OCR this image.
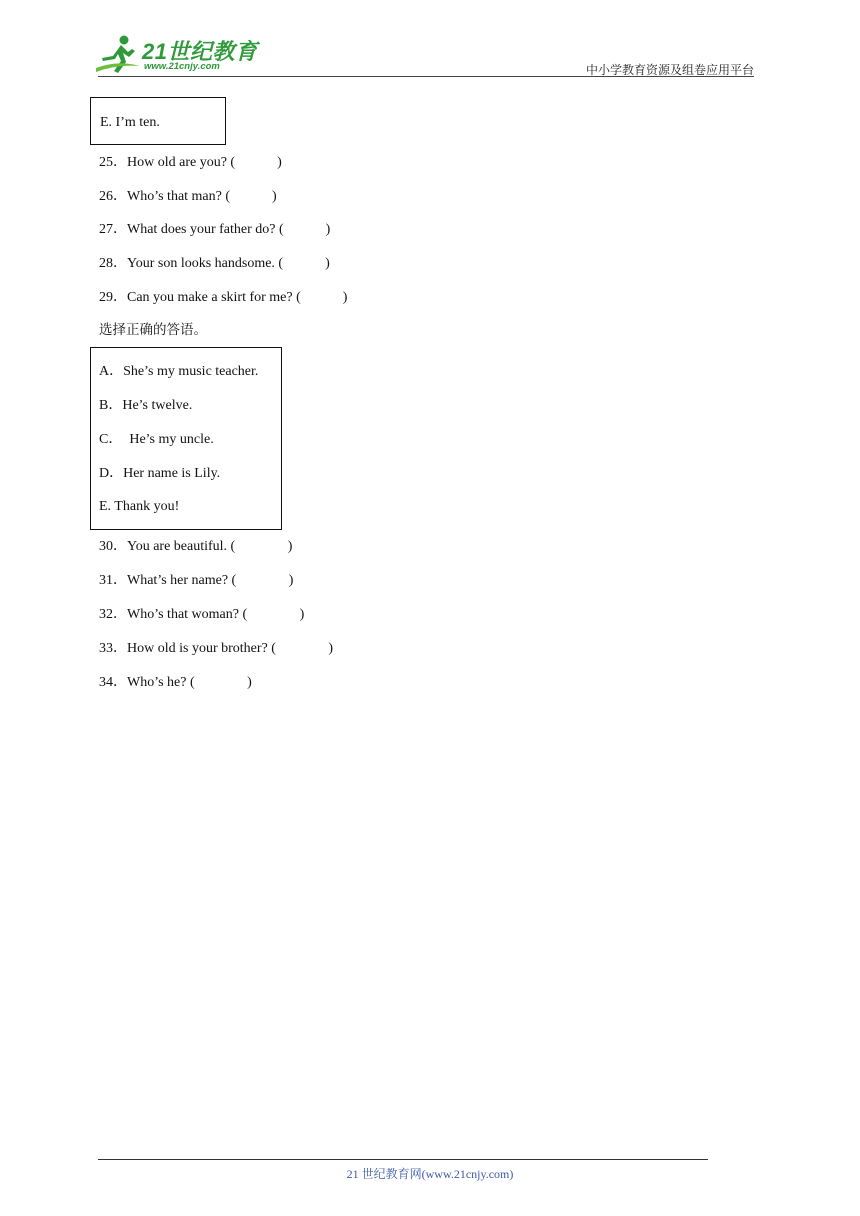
21世纪教育
www.21cnjy.com	中小学教育资源及组卷应用平台
E. I’m ten.
25．How old are you? (            )
26．Who’s that man? (            )
27．What does your father do? (            )
28．Your son looks handsome. (            )
29．Can you make a skirt for me? (            )
选择正确的答语。
A．She’s my music teacher.
B．He’s twelve.
C．  He’s my uncle.
D．Her name is Lily.
E. Thank you!
30．You are beautiful. (               )
31．What’s her name? (               )
32．Who’s that woman? (               )
33．How old is your brother? (               )
34．Who’s he? (               )
21 世纪教育网(www.21cnjy.com)
